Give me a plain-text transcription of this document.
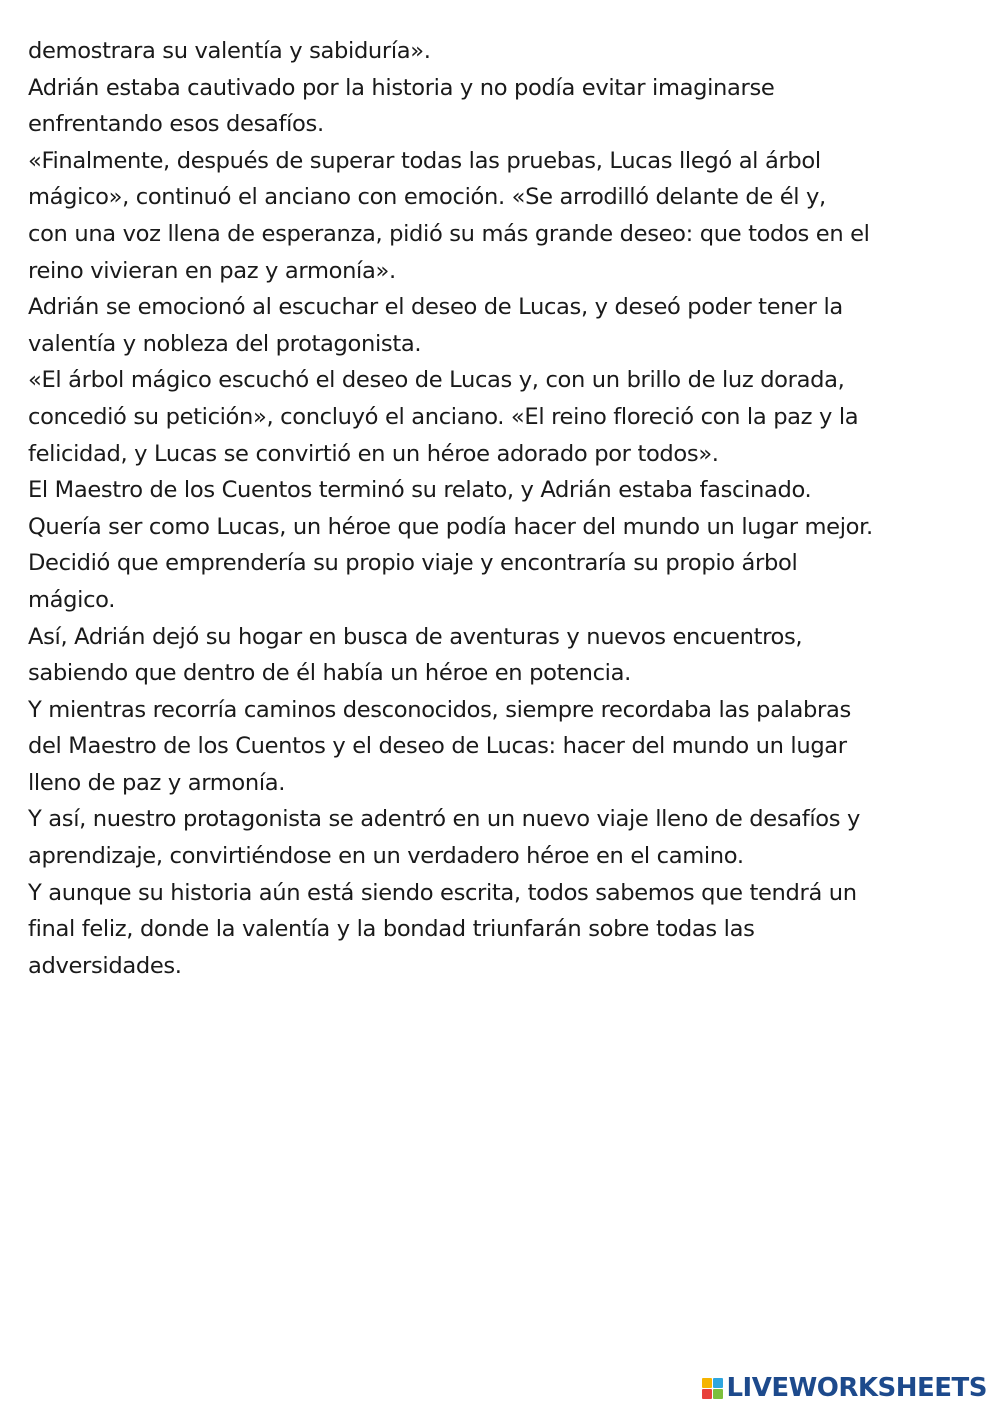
demostrara su valentía y sabiduría».
Adrián estaba cautivado por la historia y no podía evitar imaginarse
enfrentando esos desafíos.
«Finalmente, después de superar todas las pruebas, Lucas llegó al árbol
mágico», continuó el anciano con emoción. «Se arrodilló delante de él y,
con una voz llena de esperanza, pidió su más grande deseo: que todos en el
reino vivieran en paz y armonía».
Adrián se emocionó al escuchar el deseo de Lucas, y deseó poder tener la
valentía y nobleza del protagonista.
«El árbol mágico escuchó el deseo de Lucas y, con un brillo de luz dorada,
concedió su petición», concluyó el anciano. «El reino floreció con la paz y la
felicidad, y Lucas se convirtió en un héroe adorado por todos».
El Maestro de los Cuentos terminó su relato, y Adrián estaba fascinado.
Quería ser como Lucas, un héroe que podía hacer del mundo un lugar mejor.
Decidió que emprendería su propio viaje y encontraría su propio árbol
mágico.
Así, Adrián dejó su hogar en busca de aventuras y nuevos encuentros,
sabiendo que dentro de él había un héroe en potencia.
Y mientras recorría caminos desconocidos, siempre recordaba las palabras
del Maestro de los Cuentos y el deseo de Lucas: hacer del mundo un lugar
lleno de paz y armonía.
Y así, nuestro protagonista se adentró en un nuevo viaje lleno de desafíos y
aprendizaje, convirtiéndose en un verdadero héroe en el camino.
Y aunque su historia aún está siendo escrita, todos sabemos que tendrá un
final feliz, donde la valentía y la bondad triunfarán sobre todas las
adversidades.
LIVEWORKSHEETS
